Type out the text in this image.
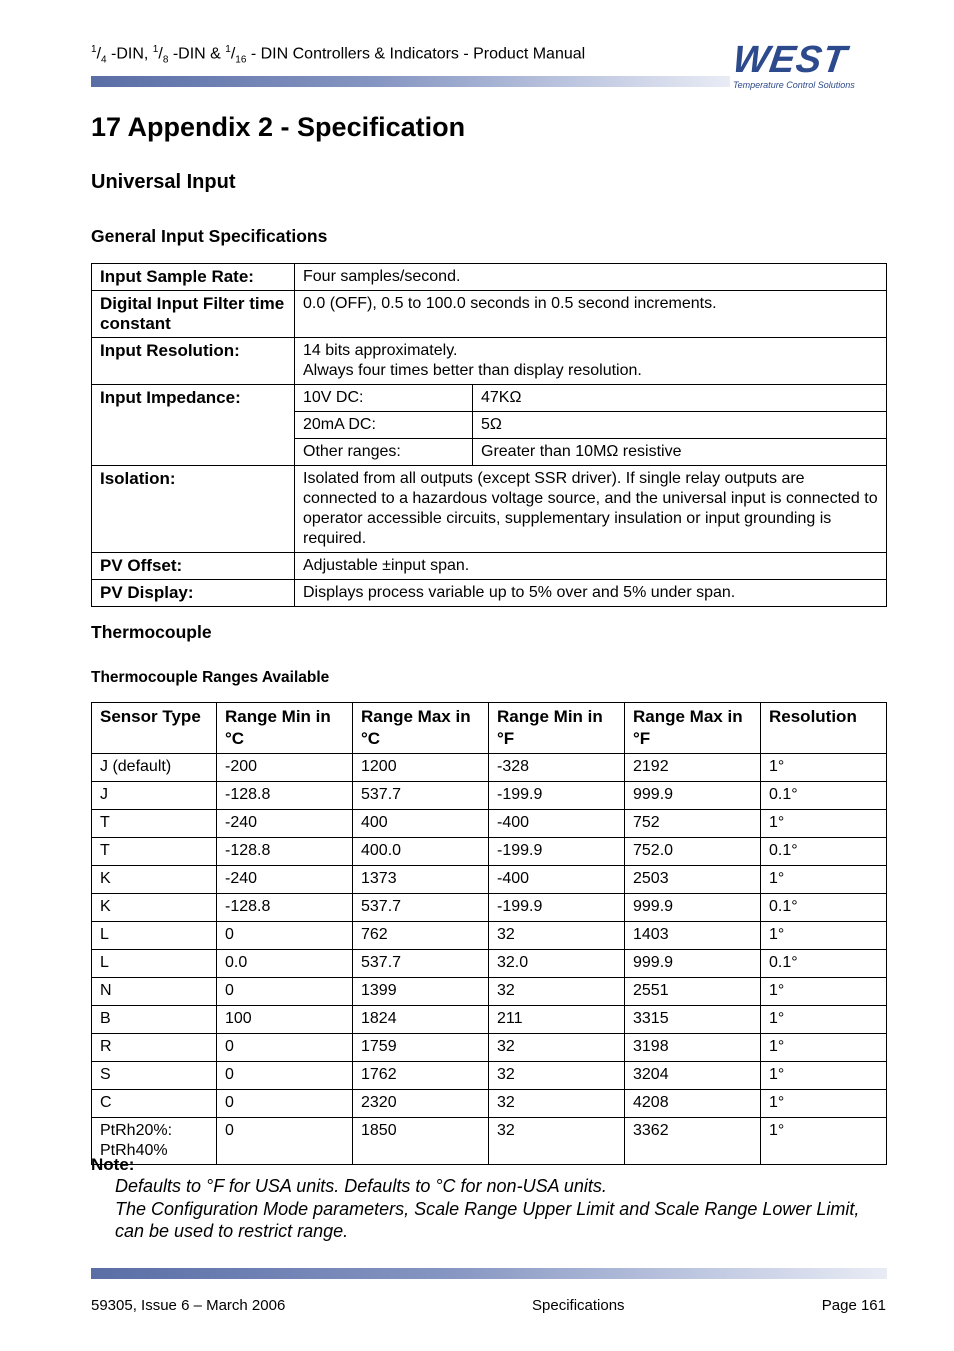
$^1/_4$ -DIN, $^1/_8$ -DIN & $^1/_{16}$ - DIN Controllers & Indicators - Product Manual	WEST
Temperature Control Solutions
17 Appendix 2 - Specification
Universal Input
General Input Specifications
Input Sample Rate:	Four samples/second.	
Digital Input Filter time constant	0.0 (OFF), 0.5 to 100.0 seconds in 0.5 second increments.	
Input Resolution:	14 bits approximately.
Always four times better than display resolution.	

Input Impedance:	10V DC:	47KΩ
	20mA DC:	5Ω
	Other ranges:	Greater than 10MΩ resistive
Isolation:	Isolated from all outputs (except SSR driver). If single relay outputs are connected to a hazardous voltage source, and the universal input is connected to operator accessible circuits, supplementary insulation or input grounding is required.	
PV Offset:	Adjustable ±input span.	
PV Display:	Displays process variable up to 5% over and 5% under span.	
Thermocouple
Thermocouple Ranges Available
Sensor Type	Range Min in °C	Range Max in °C	Range Min in °F	Range Max in °F	Resolution
J (default)	-200	1200	-328	2192	1°
J	-128.8	537.7	-199.9	999.9	0.1°
T	-240	400	-400	752	1°
T	-128.8	400.0	-199.9	752.0	0.1°
K	-240	1373	-400	2503	1°
K	-128.8	537.7	-199.9	999.9	0.1°
L	0	762	32	1403	1°
L	0.0	537.7	32.0	999.9	0.1°
N	0	1399	32	2551	1°
B	100	1824	211	3315	1°
R	0	1759	32	3198	1°
S	0	1762	32	3204	1°
C	0	2320	32	4208	1°
PtRh20%: PtRh40%	0	1850	32	3362	1°
Note:
Defaults to °F for USA units. Defaults to °C for non-USA units.
The Configuration Mode parameters, Scale Range Upper Limit and Scale Range Lower Limit, can be used to restrict range.
59305, Issue 6 – March 2006	Specifications	Page 161
